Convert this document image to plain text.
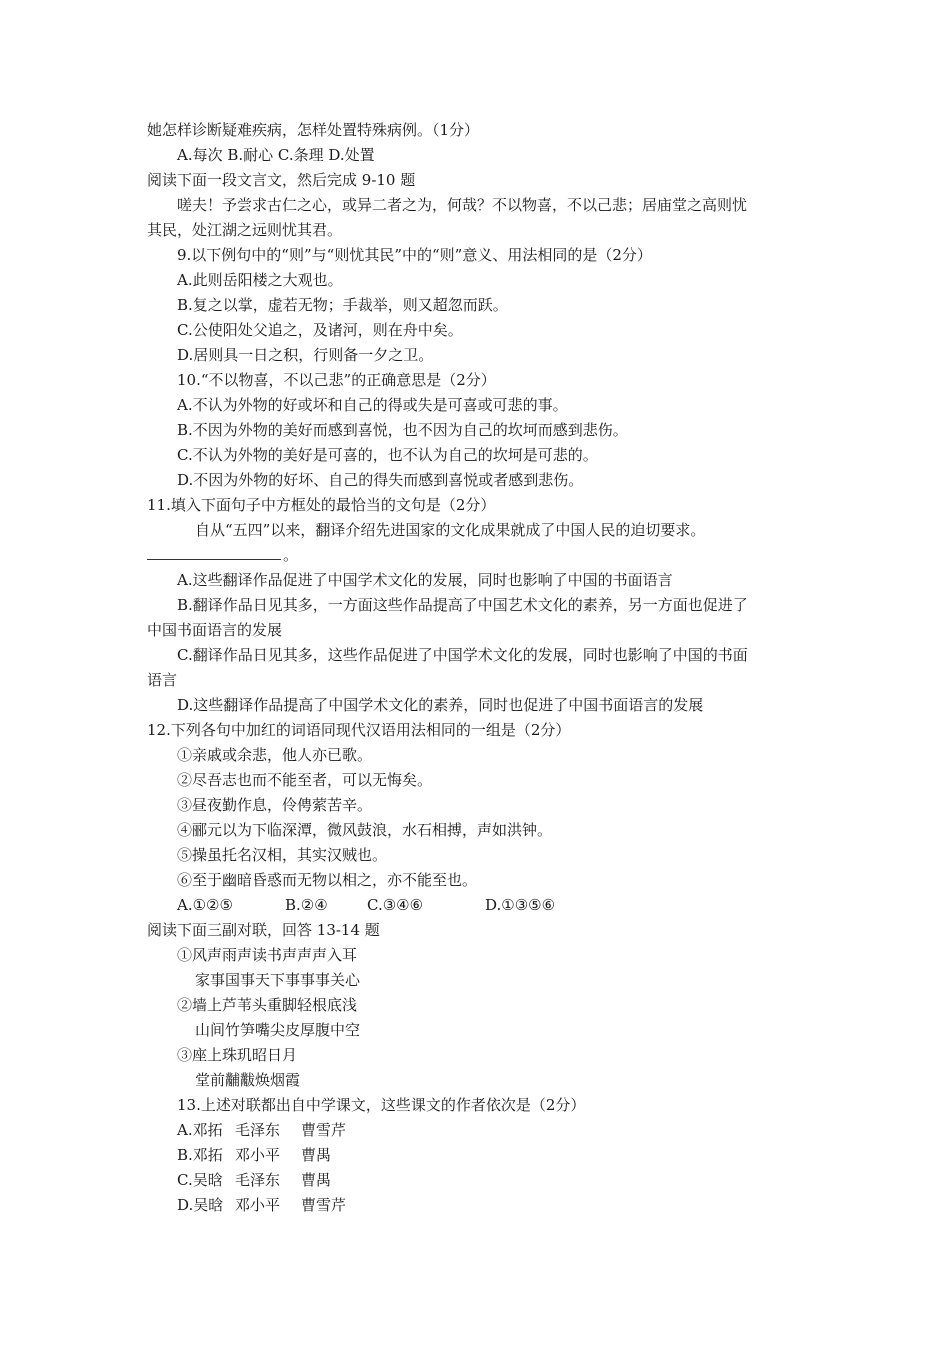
她怎样诊断疑难疾病，怎样处置特殊病例。（1分）
A.每次 B.耐心 C.条理 D.处置
阅读下面一段文言文，然后完成 9-10 题
嗟夫！予尝求古仁之心，或异二者之为，何哉？不以物喜，不以己悲；居庙堂之高则忧
其民，处江湖之远则忧其君。
9.以下例句中的“则”与“则忧其民”中的“则”意义、用法相同的是（2分）
A.此则岳阳楼之大观也。
B.复之以掌，虚若无物；手裁举，则又超忽而跃。
C.公使阳处父追之，及诸河，则在舟中矣。
D.居则具一日之积，行则备一夕之卫。
10.“不以物喜，不以己悲”的正确意思是（2分）
A.不认为外物的好或坏和自己的得或失是可喜或可悲的事。
B.不因为外物的美好而感到喜悦，也不因为自己的坎坷而感到悲伤。
C.不认为外物的美好是可喜的，也不认为自己的坎坷是可悲的。
D.不因为外物的好坏、自己的得失而感到喜悦或者感到悲伤。
11.填入下面句子中方框处的最恰当的文句是（2分）
自从“五四”以来，翻译介绍先进国家的文化成果就成了中国人民的迫切要求。
。
A.这些翻译作品促进了中国学术文化的发展，同时也影响了中国的书面语言
B.翻译作品日见其多，一方面这些作品提高了中国艺术文化的素养，另一方面也促进了
中国书面语言的发展
C.翻译作品日见其多，这些作品促进了中国学术文化的发展，同时也影响了中国的书面
语言
D.这些翻译作品提高了中国学术文化的素养，同时也促进了中国书面语言的发展
12.下列各句中加红的词语同现代汉语用法相同的一组是（2分）
①亲戚或余悲，他人亦已歌。
②尽吾志也而不能至者，可以无悔矣。
③昼夜勤作息，伶俜萦苦辛。
④郦元以为下临深潭，微风鼓浪，水石相搏，声如洪钟。
⑤操虽托名汉相，其实汉贼也。
⑥至于幽暗昏惑而无物以相之，亦不能至也。
A.①②⑤	B.②④	C.③④⑥	D.①③⑤⑥
阅读下面三副对联，回答 13-14 题
①风声雨声读书声声声入耳
家事国事天下事事事关心
②墙上芦苇头重脚轻根底浅
山间竹笋嘴尖皮厚腹中空
③座上珠玑昭日月
堂前黼黻焕烟霞
13.上述对联都出自中学课文，这些课文的作者依次是（2分）
A.邓拓 毛泽东 曹雪芹
B.邓拓 邓小平 曹禺
C.吴晗 毛泽东 曹禺
D.吴晗 邓小平 曹雪芹
